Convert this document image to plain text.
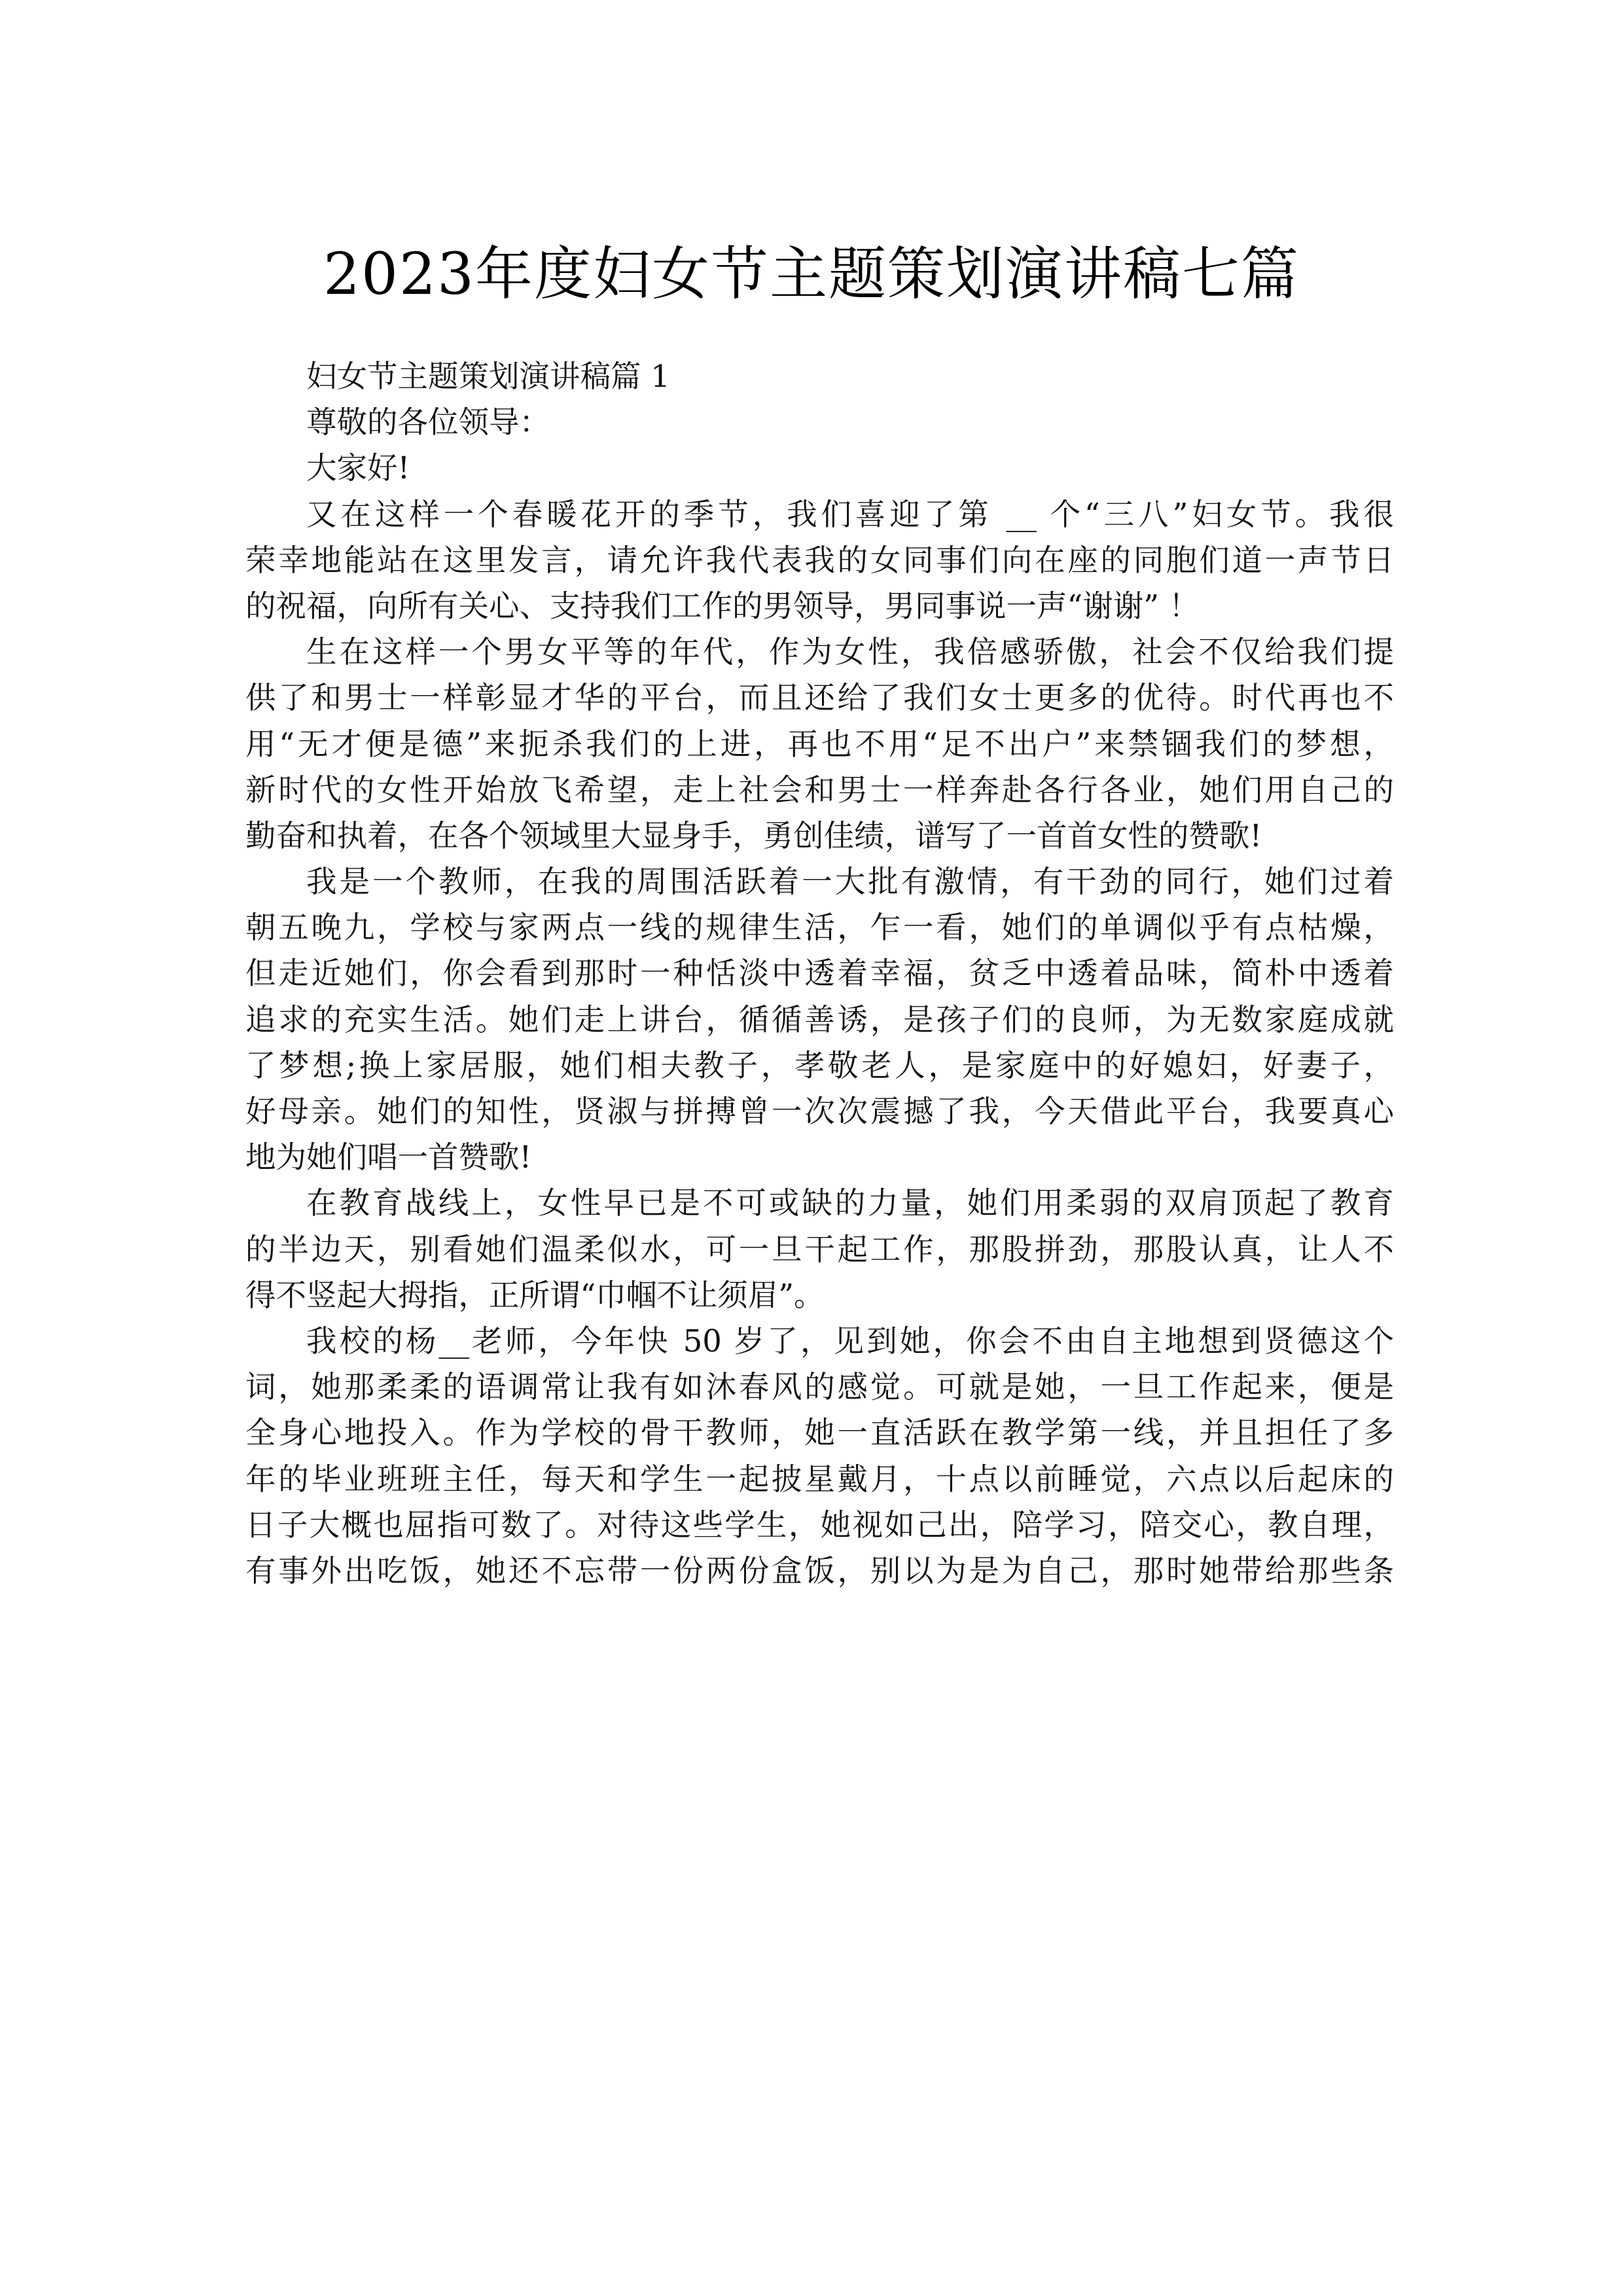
2023年度妇女节主题策划演讲稿七篇
妇女节主题策划演讲稿篇 1
尊敬的各位领导：
大家好!
又在这样一个春暖花开的季节，我们喜迎了第 __ 个“三八”妇女节。我很
荣幸地能站在这里发言，请允许我代表我的女同事们向在座的同胞们道一声节日
的祝福，向所有关心、支持我们工作的男领导，男同事说一声“谢谢” ！
生在这样一个男女平等的年代，作为女性，我倍感骄傲，社会不仅给我们提
供了和男士一样彰显才华的平台，而且还给了我们女士更多的优待。时代再也不
用“无才便是德”来扼杀我们的上进，再也不用“足不出户”来禁锢我们的梦想，
新时代的女性开始放飞希望，走上社会和男士一样奔赴各行各业，她们用自己的
勤奋和执着，在各个领域里大显身手，勇创佳绩，谱写了一首首女性的赞歌!
我是一个教师，在我的周围活跃着一大批有激情，有干劲的同行，她们过着
朝五晚九，学校与家两点一线的规律生活，乍一看，她们的单调似乎有点枯燥，
但走近她们，你会看到那时一种恬淡中透着幸福，贫乏中透着品味，简朴中透着
追求的充实生活。她们走上讲台，循循善诱，是孩子们的良师，为无数家庭成就
了梦想;换上家居服，她们相夫教子，孝敬老人，是家庭中的好媳妇，好妻子，
好母亲。她们的知性，贤淑与拼搏曾一次次震撼了我，今天借此平台，我要真心
地为她们唱一首赞歌!
在教育战线上，女性早已是不可或缺的力量，她们用柔弱的双肩顶起了教育
的半边天，别看她们温柔似水，可一旦干起工作，那股拼劲，那股认真，让人不
得不竖起大拇指，正所谓“巾帼不让须眉”。
我校的杨__老师，今年快 50 岁了，见到她，你会不由自主地想到贤德这个
词，她那柔柔的语调常让我有如沐春风的感觉。可就是她，一旦工作起来，便是
全身心地投入。作为学校的骨干教师，她一直活跃在教学第一线，并且担任了多
年的毕业班班主任，每天和学生一起披星戴月，十点以前睡觉，六点以后起床的
日子大概也屈指可数了。对待这些学生，她视如己出，陪学习，陪交心，教自理，
有事外出吃饭，她还不忘带一份两份盒饭，别以为是为自己，那时她带给那些条
